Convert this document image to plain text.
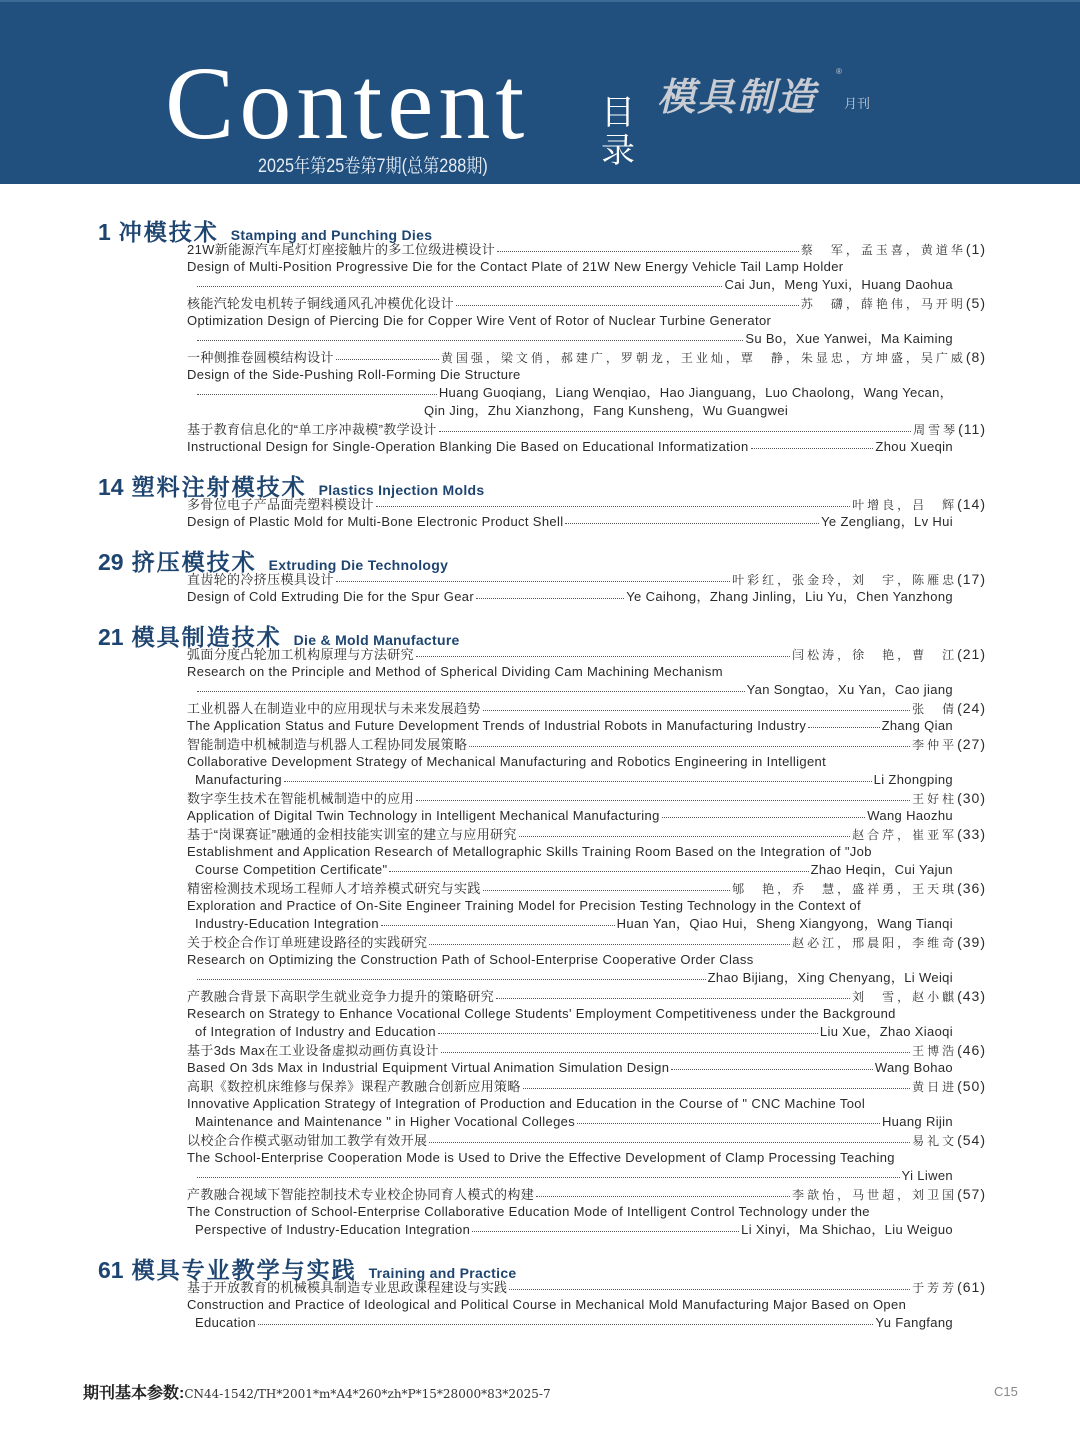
Content 目
录
2025年第25卷第7期(总第288期)
模具制造
®
月刊
1 冲模技术 Stamping and Punching Dies
21W新能源汽车尾灯灯座接触片的多工位级进模设计	蔡　军，孟玉喜，黄道华 ( 1 )
Design of Multi-Position Progressive Die for the Contact Plate of 21W New Energy Vehicle Tail Lamp Holder
Cai Jun，Meng Yuxi，Huang Daohua
核能汽轮发电机转子铜线通风孔冲模优化设计	苏　礴，薛艳伟，马开明 ( 5 )
Optimization Design of Piercing Die for Copper Wire Vent of Rotor of Nuclear Turbine Generator
Su Bo，Xue Yanwei，Ma Kaiming
一种侧推卷圆模结构设计	黄国强，梁文俏，郝建广，罗朝龙，王业灿，覃　静，朱显忠，方坤盛，吴广威 ( 8 )
Design of the Side-Pushing Roll-Forming Die Structure
Huang Guoqiang，Liang Wenqiao，Hao Jianguang，Luo Chaolong，Wang Yecan，
Qin Jing，Zhu Xianzhong，Fang Kunsheng，Wu Guangwei
基于教育信息化的“单工序冲裁模”教学设计	周雪琴 ( 11 )
Instructional Design for Single-Operation Blanking Die Based on Educational Informatization	Zhou Xueqin
14 塑料注射模技术 Plastics Injection Molds
多骨位电子产品面壳塑料模设计	叶增良，吕　辉 ( 14 )
Design of Plastic Mold for Multi-Bone Electronic Product Shell	Ye Zengliang，Lv Hui
29 挤压模技术 Extruding Die Technology
直齿轮的冷挤压模具设计	叶彩红，张金玲，刘　宇，陈雁忠 ( 17 )
Design of Cold Extruding Die for the Spur Gear	Ye Caihong，Zhang Jinling，Liu Yu，Chen Yanzhong
21 模具制造技术 Die & Mold Manufacture
弧面分度凸轮加工机构原理与方法研究	闫松涛，徐　艳，曹　江 ( 21 )
Research on the Principle and Method of Spherical Dividing Cam Machining Mechanism
Yan Songtao，Xu Yan，Cao jiang
工业机器人在制造业中的应用现状与未来发展趋势	张　倩 ( 24 )
The Application Status and Future Development Trends of Industrial Robots in Manufacturing Industry	Zhang Qian
智能制造中机械制造与机器人工程协同发展策略	李仲平 ( 27 )
Collaborative Development Strategy of Mechanical Manufacturing and Robotics Engineering in Intelligent
Manufacturing	Li Zhongping
数字孪生技术在智能机械制造中的应用	王好柱 ( 30 )
Application of Digital Twin Technology in Intelligent Mechanical Manufacturing	Wang Haozhu
基于“岗课赛证”融通的金相技能实训室的建立与应用研究	赵合芹，崔亚军 ( 33 )
Establishment and Application Research of Metallographic Skills Training Room Based on the Integration of "Job
Course Competition Certificate"	Zhao Heqin，Cui Yajun
精密检测技术现场工程师人才培养模式研究与实践	郇　艳，乔　慧，盛祥勇，王天琪 ( 36 )
Exploration and Practice of On-Site Engineer Training Model for Precision Testing Technology in the Context of
Industry-Education Integration	Huan Yan，Qiao Hui，Sheng Xiangyong，Wang Tianqi
关于校企合作订单班建设路径的实践研究	赵必江，邢晨阳，李维奇 ( 39 )
Research on Optimizing the Construction Path of School-Enterprise Cooperative Order Class
Zhao Bijiang，Xing Chenyang，Li Weiqi
产教融合背景下高职学生就业竞争力提升的策略研究	刘　雪，赵小麒 ( 43 )
Research on Strategy to Enhance Vocational College Students' Employment Competitiveness under the Background
of Integration of Industry and Education	Liu Xue，Zhao Xiaoqi
基于3ds Max在工业设备虚拟动画仿真设计	王博浩 ( 46 )
Based On 3ds Max in Industrial Equipment Virtual Animation Simulation Design	Wang Bohao
高职《数控机床维修与保养》课程产教融合创新应用策略	黄日进 ( 50 )
Innovative Application Strategy of Integration of Production and Education in the Course of " CNC Machine Tool
Maintenance and Maintenance " in Higher Vocational Colleges	Huang Rijin
以校企合作模式驱动钳加工教学有效开展	易礼文 ( 54 )
The School-Enterprise Cooperation Mode is Used to Drive the Effective Development of Clamp Processing Teaching
Yi Liwen
产教融合视域下智能控制技术专业校企协同育人模式的构建	李歆怡，马世超，刘卫国 ( 57 )
The Construction of School-Enterprise Collaborative Education Mode of Intelligent Control Technology under the
Perspective of Industry-Education Integration	Li Xinyi，Ma Shichao，Liu Weiguo
61 模具专业教学与实践 Training and Practice
基于开放教育的机械模具制造专业思政课程建设与实践	于芳芳 ( 61 )
Construction and Practice of Ideological and Political Course in Mechanical Mold Manufacturing Major Based on Open
Education	Yu Fangfang
期刊基本参数:CN44-1542/TH*2001*m*A4*260*zh*P*15*28000*83*2025-7	C15
